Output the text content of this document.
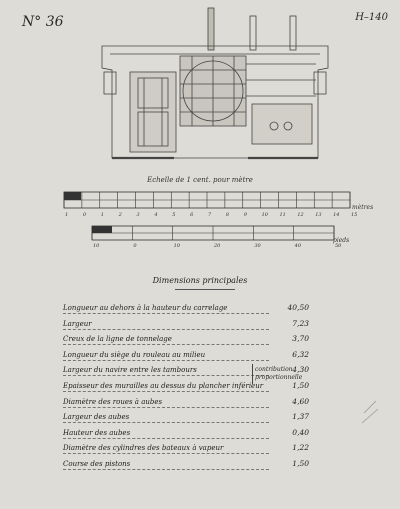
N° 36	H–140
Echelle de 1 cent. pour mètre
1	0	1	2	3	4	5	6	7	8	9	10 11 12 13 14 15
mètres
10	0	10	20	30	40	50
pieds
Dimensions principales
Longueur au dehors à la hauteur du carrelage	40,50
Largeur	7,23
Creux de la ligne de tonnelage	3,70
Longueur du siège du rouleau au milieu	6,32
Largeur du navire entre les tambours	4,30
Epaisseur des murailles au dessus du plancher inférieur	1,50
Diamètre des roues à aubes	4,60
Largeur des aubes	1,37
Hauteur des aubes	0,40
Diamètre des cylindres des bateaux à vapeur	1,22
Course des pistons	1,50
contribution
proportionnelle
